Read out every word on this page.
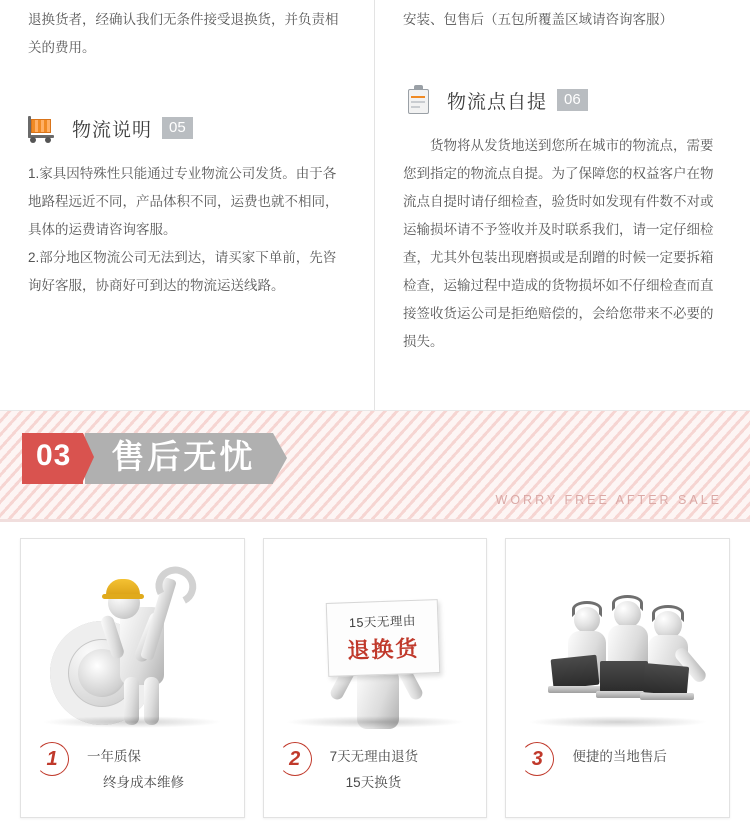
退换货者，经确认我们无条件接受退换货，并负责相关的费用。
物流说明	05

1.家具因特殊性只能通过专业物流公司发货。由于各地路程远近不同，产品体积不同，运费也就不相同，具体的运费请咨询客服。

2.部分地区物流公司无法到达，请买家下单前，先咨询好客服，协商好可到达的物流运送线路。

安装、包售后（五包所覆盖区域请咨询客服）
物流点自提	06

货物将从发货地送到您所在城市的物流点，需要您到指定的物流点自提。为了保障您的权益客户在物流点自提时请仔细检查，验货时如发现有件数不对或运输损坏请不予签收并及时联系我们，请一定仔细检查，尤其外包装出现磨损或是刮蹭的时候一定要拆箱检查，运输过程中造成的货物损坏如不仔细检查而直接签收货运公司是拒绝赔偿的，会给您带来不必要的损失。

03	售后无忧
WORRY FREE AFTER SALE
1	一年质保
终身成本维修
15天无理由
退换货
2	7天无理由退货
15天换货
3	便捷的当地售后
